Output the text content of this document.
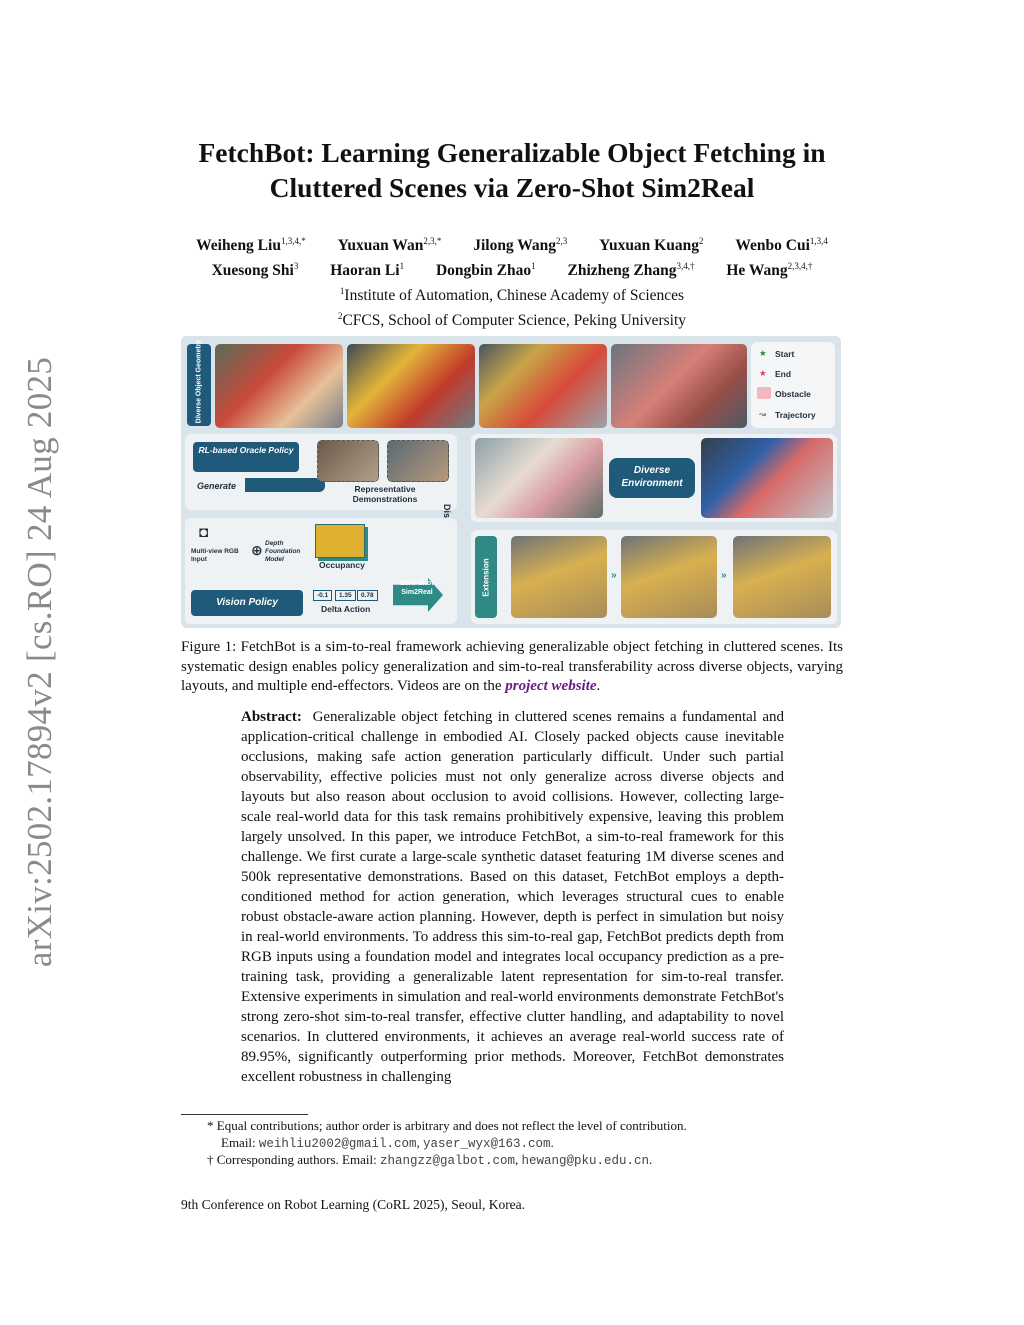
arXiv:2502.17894v2 [cs.RO] 24 Aug 2025
FetchBot: Learning Generalizable Object Fetching in
Cluttered Scenes via Zero-Shot Sim2Real
Weiheng Liu$^{1,3,4,*}$ Yuxuan Wan$^{2,3,*}$ Jilong Wang$^{2,3}$ Yuxuan Kuang$^2$ Wenbo Cui$^{1,3,4}$
Xuesong Shi$^3$ Haoran Li$^1$ Dongbin Zhao$^1$ Zhizheng Zhang$^{3,4,\dagger}$ He Wang$^{2,3,4,\dagger}$
$^1$Institute of Automation, Chinese Academy of Sciences
$^2$CFCS, School of Computer Science, Peking University

Diverse Object Geometry	★ Start
★ End
Obstacle
↝ Trajectory
RL-based Oracle Policy
Generate	Representative Demonstrations
Diverse Environment
◘
Multi-view RGB Input
⊕ Depth Foundation Model
Occupancy
Vision Policy
-0.1	1.35	0.78
Delta Action
Zero-Shot Sim2Real	Extension	»	»
Figure 1: FetchBot is a sim-to-real framework achieving generalizable object fetching in cluttered scenes. Its systematic design enables policy generalization and sim-to-real transferability across diverse objects, varying layouts, and multiple end-effectors. Videos are on the project website.
Abstract: Generalizable object fetching in cluttered scenes remains a fundamental and application-critical challenge in embodied AI. Closely packed objects cause inevitable occlusions, making safe action generation particularly difficult. Under such partial observability, effective policies must not only generalize across diverse objects and layouts but also reason about occlusion to avoid collisions. However, collecting large-scale real-world data for this task remains prohibitively expensive, leaving this problem largely unsolved. In this paper, we introduce FetchBot, a sim-to-real framework for this challenge. We first curate a large-scale synthetic dataset featuring 1M diverse scenes and 500k representative demonstrations. Based on this dataset, FetchBot employs a depth-conditioned method for action generation, which leverages structural cues to enable robust obstacle-aware action planning. However, depth is perfect in simulation but noisy in real-world environments. To address this sim-to-real gap, FetchBot predicts depth from RGB inputs using a foundation model and integrates local occupancy prediction as a pre-training task, providing a generalizable latent representation for sim-to-real transfer. Extensive experiments in simulation and real-world environments demonstrate FetchBot's strong zero-shot sim-to-real transfer, effective clutter handling, and adaptability to novel scenarios. In cluttered environments, it achieves an average real-world success rate of 89.95%, significantly outperforming prior methods. Moreover, FetchBot demonstrates excellent robustness in challenging
* Equal contributions; author order is arbitrary and does not reflect the level of contribution.
Email: weihliu2002@gmail.com, yaser_wyx@163.com.
† Corresponding authors. Email: zhangzz@galbot.com, hewang@pku.edu.cn.
9th Conference on Robot Learning (CoRL 2025), Seoul, Korea.
